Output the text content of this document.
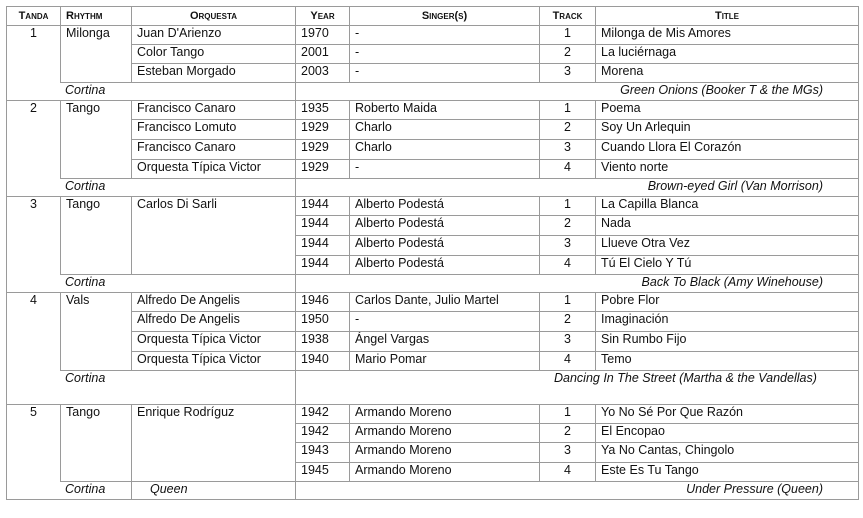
Tanda	Rhythm	Orquesta	Year	Singer(s)	Track	Title
1	Milonga	Juan D'Arienzo	1970	-	1	Milonga de Mis Amores
		Color Tango	2001	-	2	La luciérnaga
		Esteban Morgado	2003	-	3	Morena
Cortina			Green Onions (Booker T & the MGs)			
2	Tango	Francisco Canaro	1935	Roberto Maida	1	Poema
		Francisco Lomuto	1929	Charlo	2	Soy Un Arlequin
		Francisco Canaro	1929	Charlo	3	Cuando Llora El Corazón
		Orquesta Típica Victor	1929	-	4	Viento norte
Cortina			Brown-eyed Girl (Van Morrison)			
3	Tango	Carlos Di Sarli	1944	Alberto Podestá	1	La Capilla Blanca
			1944	Alberto Podestá	2	Nada
			1944	Alberto Podestá	3	Llueve Otra Vez
			1944	Alberto Podestá	4	Tú El Cielo Y Tú
Cortina			Back To Black (Amy Winehouse)			
4	Vals	Alfredo De Angelis	1946	Carlos Dante, Julio Martel	1	Pobre Flor
		Alfredo De Angelis	1950	-	2	Imaginación
		Orquesta Típica Victor	1938	Ángel Vargas	3	Sin Rumbo Fijo
		Orquesta Típica Victor	1940	Mario Pomar	4	Temo
Cortina			Dancing In The Street (Martha & the Vandellas)			
5	Tango	Enrique Rodríguz	1942	Armando Moreno	1	Yo No Sé Por Que Razón
			1942	Armando Moreno	2	El Encopao
			1943	Armando Moreno	3	Ya No Cantas, Chingolo
			1945	Armando Moreno	4	Este Es Tu Tango
Cortina		Queen	Under Pressure (Queen)			
